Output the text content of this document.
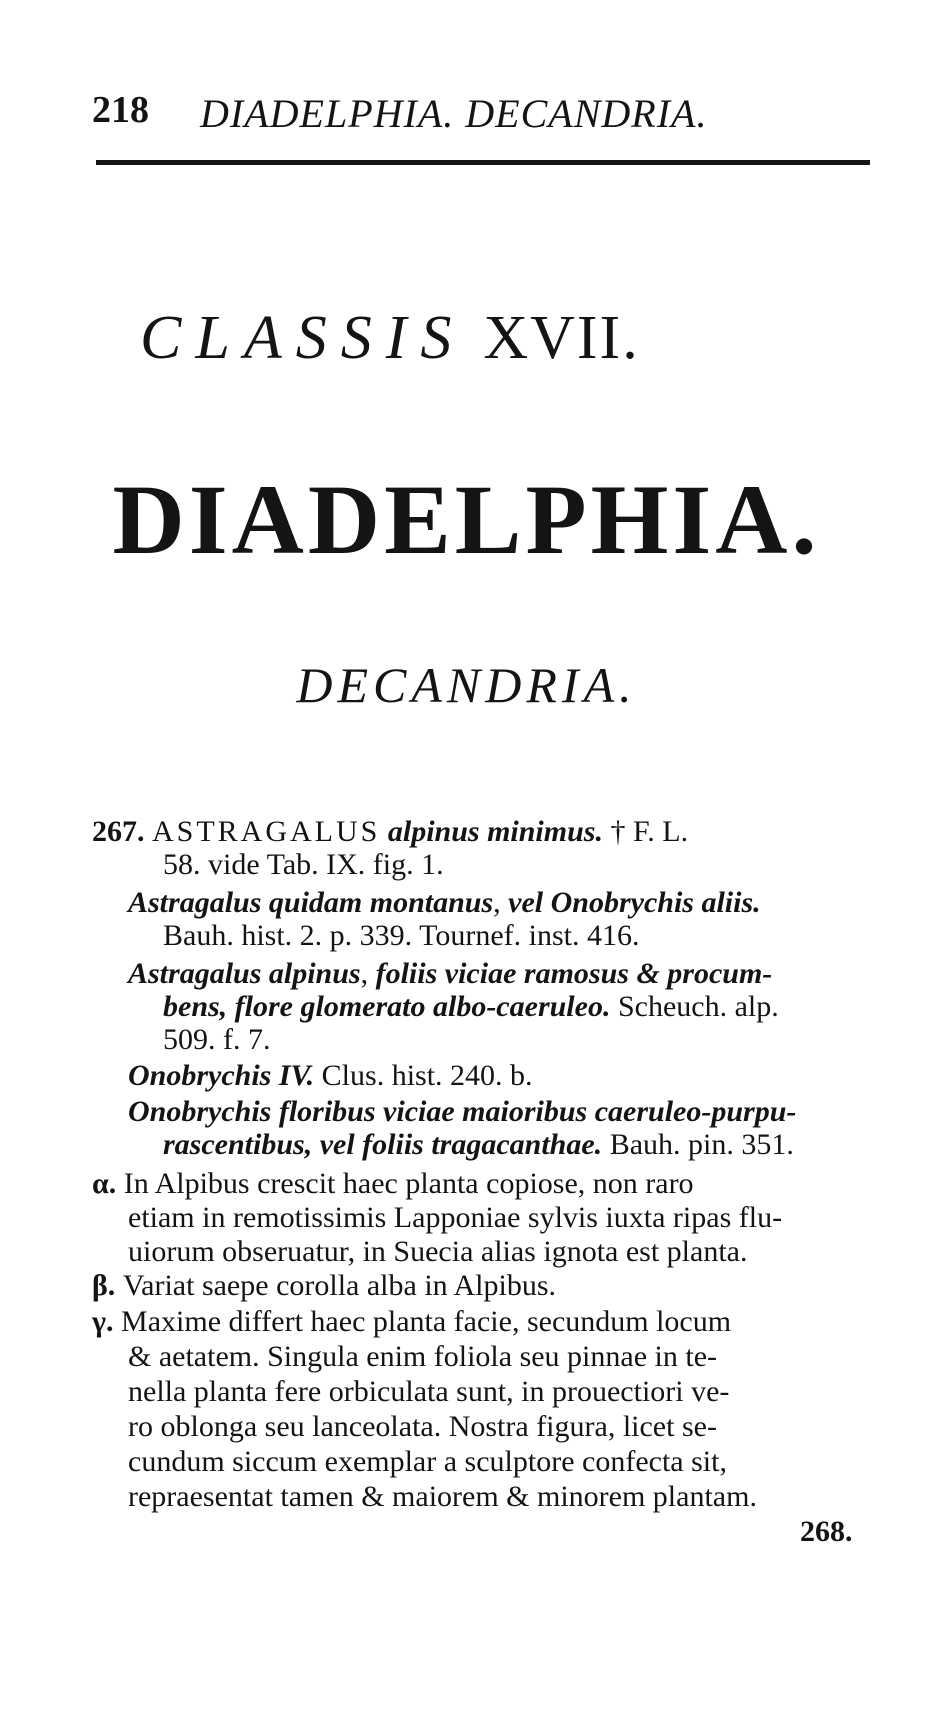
218 DIADELPHIA. DECANDRIA.
CLASSIS XVII.
DIADELPHIA.
DECANDRIA.
267. ASTRAGALUS alpinus minimus. † F. L.
58. vide Tab. IX. fig. 1.
Astragalus quidam montanus, vel Onobrychis aliis.
Bauh. hist. 2. p. 339. Tournef. inst. 416.
Astragalus alpinus, foliis viciae ramosus & procum-
bens, flore glomerato albo-caeruleo. Scheuch. alp.
509. f. 7.
Onobrychis IV. Clus. hist. 240. b.
Onobrychis floribus viciae maioribus caeruleo-purpu-
rascentibus, vel foliis tragacanthae. Bauh. pin. 351.
α. In Alpibus crescit haec planta copiose, non raro
etiam in remotissimis Lapponiae sylvis iuxta ripas flu-
uiorum obseruatur, in Suecia alias ignota est planta.
β. Variat saepe corolla alba in Alpibus.
γ. Maxime differt haec planta facie, secundum locum
& aetatem. Singula enim foliola seu pinnae in te-
nella planta fere orbiculata sunt, in prouectiori ve-
ro oblonga seu lanceolata. Nostra figura, licet se-
cundum siccum exemplar a sculptore confecta sit,
repraesentat tamen & maiorem & minorem plantam.
268.
